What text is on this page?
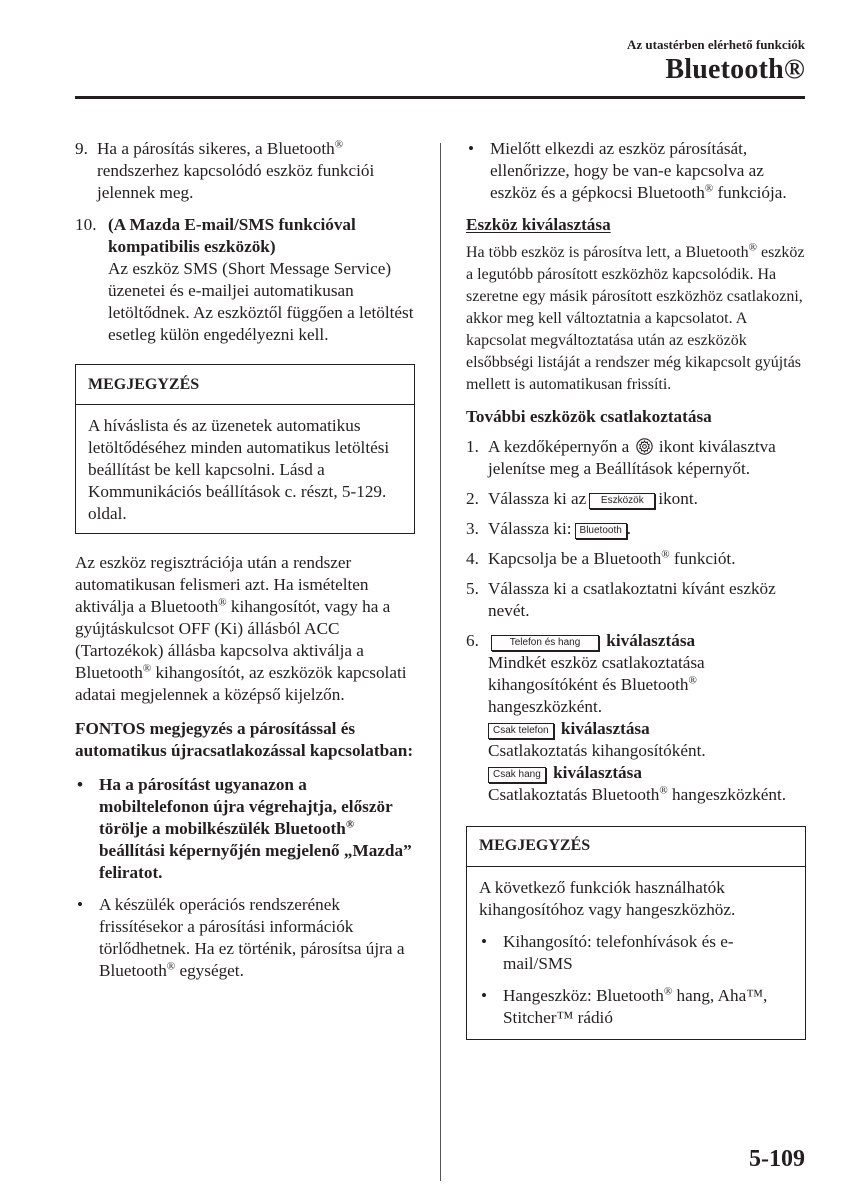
Az utastérben elérhető funkciók
Bluetooth®
9. Ha a párosítás sikeres, a Bluetooth® rendszerhez kapcsolódó eszköz funkciói jelennek meg.
10. (A Mazda E-mail/SMS funkcióval kompatibilis eszközök)
Az eszköz SMS (Short Message Service) üzenetei és e-mailjei automatikusan letöltődnek. Az eszköztől függően a letöltést esetleg külön engedélyezni kell.
MEGJEGYZÉS
A híváslista és az üzenetek automatikus letöltődéséhez minden automatikus letöltési beállítást be kell kapcsolni. Lásd a Kommunikációs beállítások c. részt, 5-129. oldal.

Az eszköz regisztrációja után a rendszer automatikusan felismeri azt. Ha ismételten aktiválja a Bluetooth® kihangosítót, vagy ha a gyújtáskulcsot OFF (Ki) állásból ACC (Tartozékok) állásba kapcsolva aktiválja a Bluetooth® kihangosítót, az eszközök kapcsolati adatai megjelennek a középső kijelzőn.

FONTOS megjegyzés a párosítással és automatikus újracsatlakozással kapcsolatban:

• Ha a párosítást ugyanazon a mobiltelefonon újra végrehajtja, először törölje a mobilkészülék Bluetooth® beállítási képernyőjén megjelenő „Mazda” feliratot.
• A készülék operációs rendszerének frissítésekor a párosítási információk törlődhetnek. Ha ez történik, párosítsa újra a Bluetooth® egységet.
• Mielőtt elkezdi az eszköz párosítását, ellenőrizze, hogy be van-e kapcsolva az eszköz és a gépkocsi Bluetooth® funkciója.
Eszköz kiválasztása

Ha több eszköz is párosítva lett, a Bluetooth® eszköz a legutóbb párosított eszközhöz kapcsolódik. Ha szeretne egy másik párosított eszközhöz csatlakozni, akkor meg kell változtatnia a kapcsolatot. A kapcsolat megváltoztatása után az eszközök elsőbbségi listáját a rendszer még kikapcsolt gyújtás mellett is automatikusan frissíti.

További eszközök csatlakoztatása

1. A kezdőképernyőn a ikont kiválasztva jelenítse meg a Beállítások képernyőt.
2. Válassza ki az Eszközök ikont.
3. Válassza ki: Bluetooth .
4. Kapcsolja be a Bluetooth® funkciót.
5. Válassza ki a csatlakoztatni kívánt eszköz nevét.
6.	Telefon és hang kiválasztása
Mindkét eszköz csatlakoztatása kihangosítóként és Bluetooth® hangeszközként.
Csak telefon kiválasztása
Csatlakoztatás kihangosítóként.
Csak hang kiválasztása
Csatlakoztatás Bluetooth® hangeszközként.
MEGJEGYZÉS

A következő funkciók használhatók kihangosítóhoz vagy hangeszközhöz.

• Kihangosító: telefonhívások és e-mail/SMS
• Hangeszköz: Bluetooth® hang, Aha™, Stitcher™ rádió
5-109
